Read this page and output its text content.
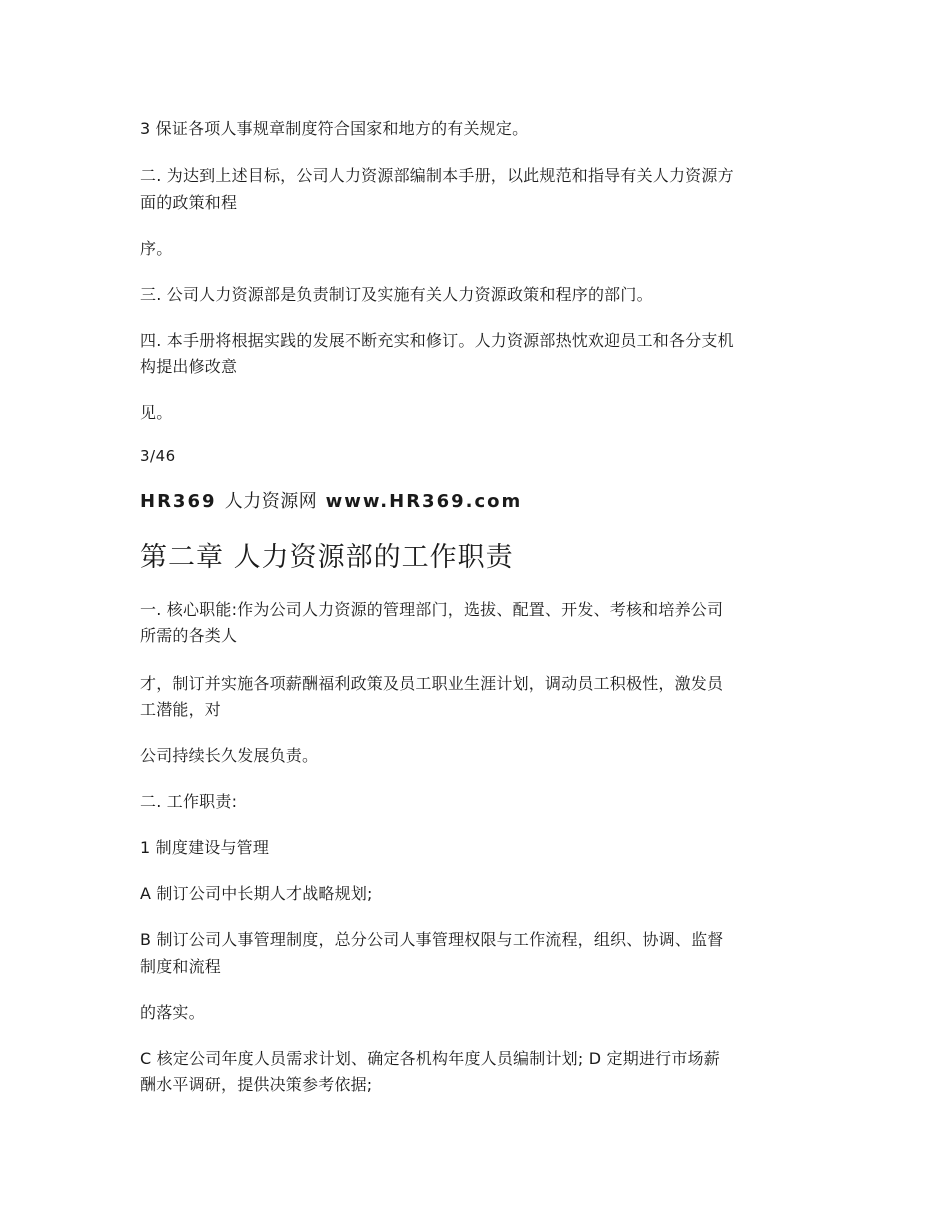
3 保证各项人事规章制度符合国家和地方的有关规定。
二. 为达到上述目标，公司人力资源部编制本手册，以此规范和指导有关人力资源方
面的政策和程
序。
三. 公司人力资源部是负责制订及实施有关人力资源政策和程序的部门。
四. 本手册将根据实践的发展不断充实和修订。人力资源部热忱欢迎员工和各分支机
构提出修改意
见。
3/46
HR369 人力资源网 www.HR369.com
第二章 人力资源部的工作职责
一. 核心职能:作为公司人力资源的管理部门，选拔、配置、开发、考核和培养公司
所需的各类人
才，制订并实施各项薪酬福利政策及员工职业生涯计划，调动员工积极性，激发员
工潜能，对
公司持续长久发展负责。
二. 工作职责:
1 制度建设与管理
A 制订公司中长期人才战略规划;
B 制订公司人事管理制度，总分公司人事管理权限与工作流程，组织、协调、监督
制度和流程
的落实。
C 核定公司年度人员需求计划、确定各机构年度人员编制计划; D 定期进行市场薪
酬水平调研，提供决策参考依据;
